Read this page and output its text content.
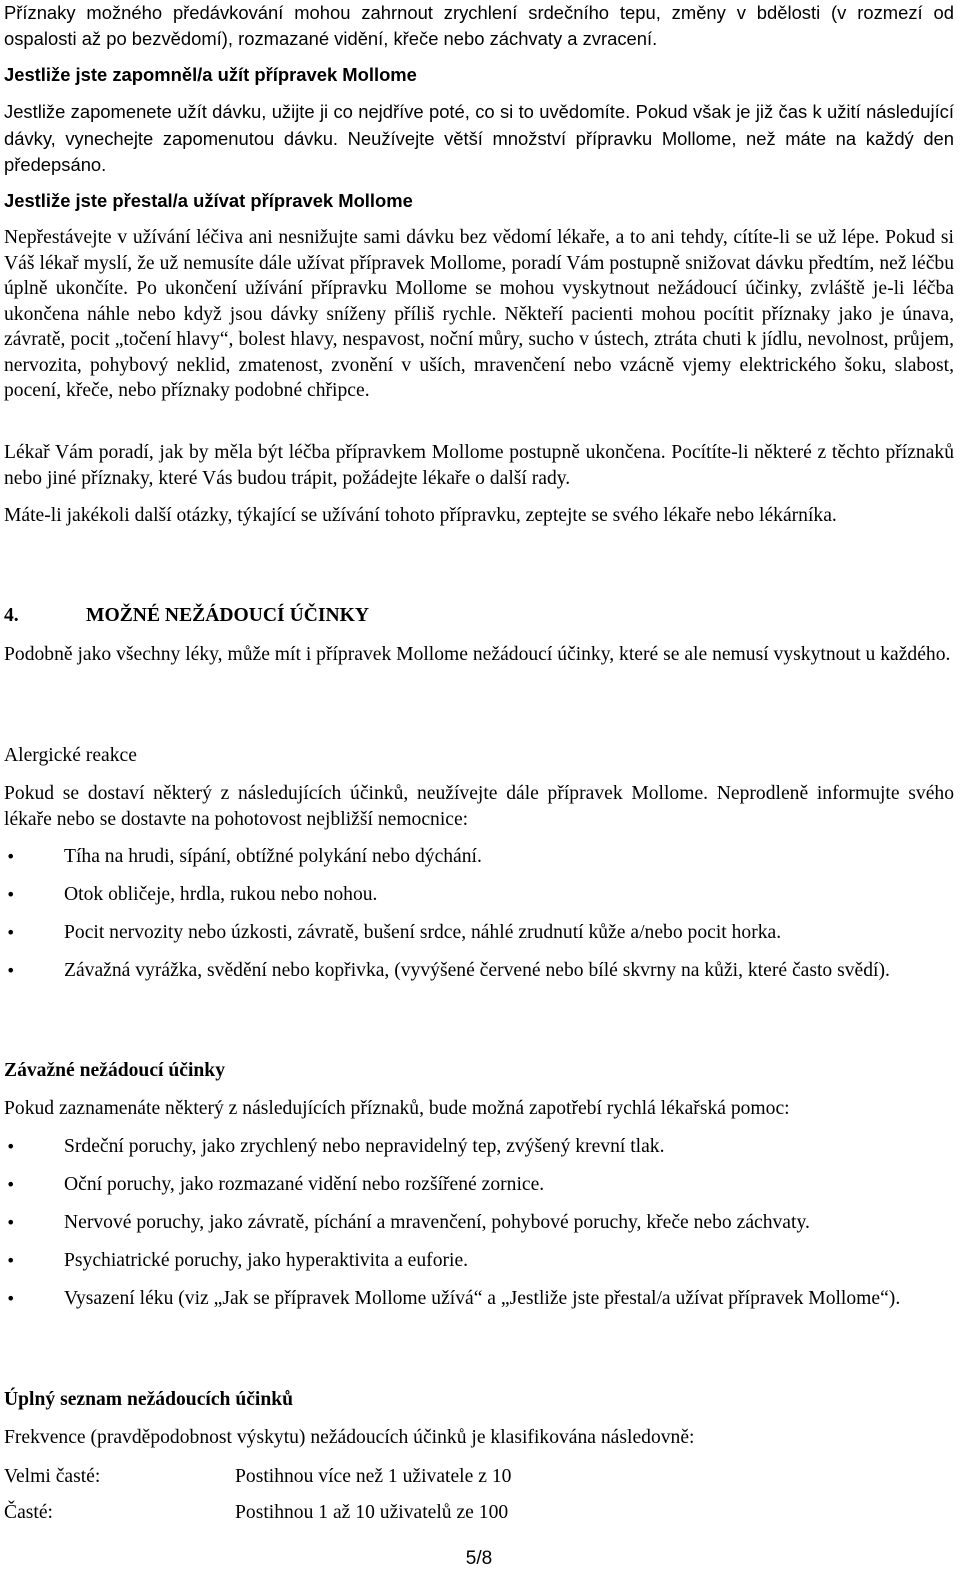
Příznaky možného předávkování mohou zahrnout zrychlení srdečního tepu, změny v bdělosti (v rozmezí od ospalosti až po bezvědomí), rozmazané vidění, křeče nebo záchvaty a zvracení.

Jestliže jste zapomněl/a užít přípravek Mollome

Jestliže zapomenete užít dávku, užijte ji co nejdříve poté, co si to uvědomíte. Pokud však je již čas k užití následující dávky, vynechejte zapomenutou dávku. Neužívejte větší množství přípravku Mollome, než máte na každý den předepsáno.

Jestliže jste přestal/a užívat přípravek Mollome

Nepřestávejte v užívání léčiva ani nesnižujte sami dávku bez vědomí lékaře, a to ani tehdy, cítíte-li se už lépe. Pokud si Váš lékař myslí, že už nemusíte dále užívat přípravek Mollome, poradí Vám postupně snižovat dávku předtím, než léčbu úplně ukončíte. Po ukončení užívání přípravku Mollome se mohou vyskytnout nežádoucí účinky, zvláště je-li léčba ukončena náhle nebo když jsou dávky sníženy příliš rychle. Někteří pacienti mohou pocítit příznaky jako je únava, závratě, pocit „točení hlavy“, bolest hlavy, nespavost, noční můry, sucho v ústech, ztráta chuti k jídlu, nevolnost, průjem, nervozita, pohybový neklid, zmatenost, zvonění v uších, mravenčení nebo vzácně vjemy elektrického šoku, slabost, pocení, křeče, nebo příznaky podobné chřipce.

Lékař Vám poradí, jak by měla být léčba přípravkem Mollome postupně ukončena. Pocítíte-li některé z těchto příznaků nebo jiné příznaky, které Vás budou trápit, požádejte lékaře o další rady.

Máte-li jakékoli další otázky, týkající se užívání tohoto přípravku, zeptejte se svého lékaře nebo lékárníka.

4.	MOŽNÉ NEŽÁDOUCÍ ÚČINKY

Podobně jako všechny léky, může mít i přípravek Mollome nežádoucí účinky, které se ale nemusí vyskytnout u každého.

Alergické reakce

Pokud se dostaví některý z následujících účinků, neužívejte dále přípravek Mollome. Neprodleně informujte svého lékaře nebo se dostavte na pohotovost nejbližší nemocnice:

• Tíha na hrudi, sípání, obtížné polykání nebo dýchání.
• Otok obličeje, hrdla, rukou nebo nohou.
• Pocit nervozity nebo úzkosti, závratě, bušení srdce, náhlé zrudnutí kůže a/nebo pocit horka.
• Závažná vyrážka, svědění nebo kopřivka, (vyvýšené červené nebo bílé skvrny na kůži, které často svědí).

Závažné nežádoucí účinky

Pokud zaznamenáte některý z následujících příznaků, bude možná zapotřebí rychlá lékařská pomoc:

• Srdeční poruchy, jako zrychlený nebo nepravidelný tep, zvýšený krevní tlak.
• Oční poruchy, jako rozmazané vidění nebo rozšířené zornice.
• Nervové poruchy, jako závratě, píchání a mravenčení, pohybové poruchy, křeče nebo záchvaty.
• Psychiatrické poruchy, jako hyperaktivita a euforie.
• Vysazení léku (viz „Jak se přípravek Mollome užívá“ a „Jestliže jste přestal/a užívat přípravek Mollome“).

Úplný seznam nežádoucích účinků

Frekvence (pravděpodobnost výskytu) nežádoucích účinků je klasifikována následovně:

Velmi časté:	Postihnou více než 1 uživatele z 10
Časté:	Postihnou 1 až 10 uživatelů ze 100
5/8
